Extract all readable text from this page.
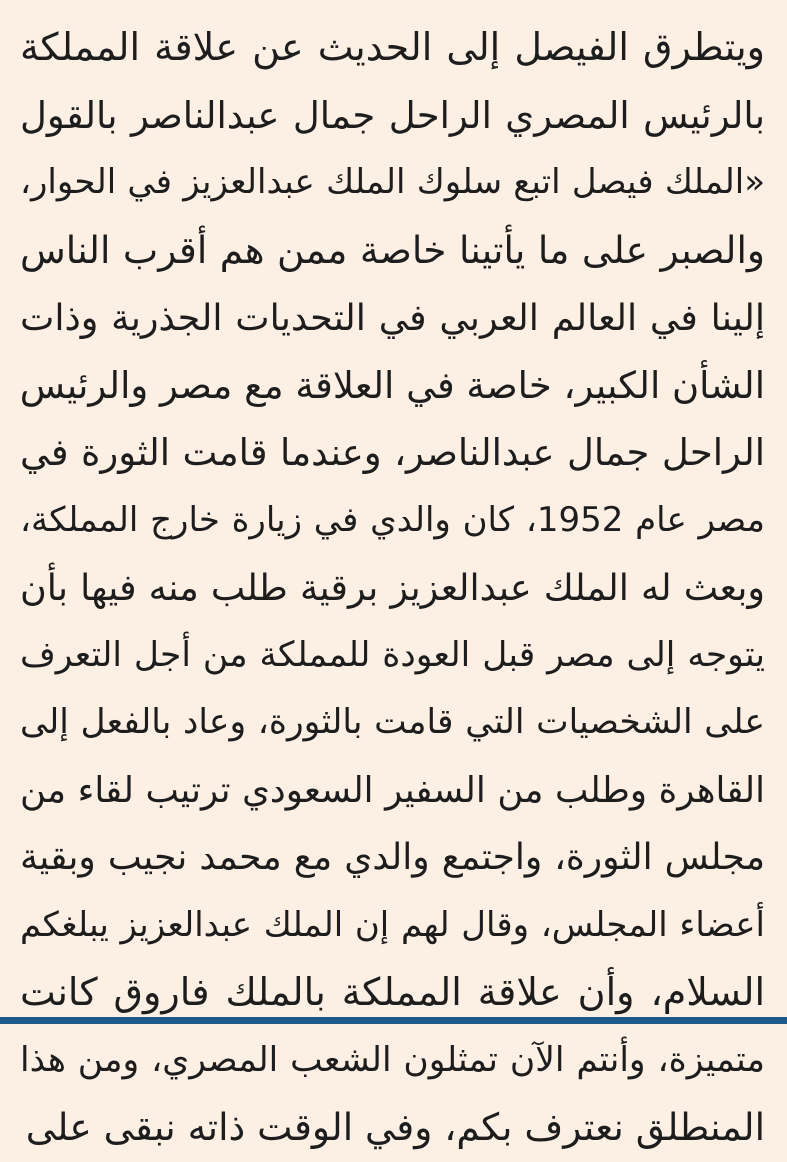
ويتطرق الفيصل إلى الحديث عن علاقة المملكة
بالرئيس المصري الراحل جمال عبدالناصر بالقول
«الملك فيصل اتبع سلوك الملك عبدالعزيز في الحوار،
والصبر على ما يأتينا خاصة ممن هم أقرب الناس
إلينا في العالم العربي في التحديات الجذرية وذات
الشأن الكبير، خاصة في العلاقة مع مصر والرئيس
الراحل جمال عبدالناصر، وعندما قامت الثورة في
مصر عام 1952، كان والدي في زيارة خارج المملكة،
وبعث له الملك عبدالعزيز برقية طلب منه فيها بأن
يتوجه إلى مصر قبل العودة للمملكة من أجل التعرف
على الشخصيات التي قامت بالثورة، وعاد بالفعل إلى
القاهرة وطلب من السفير السعودي ترتيب لقاء من
مجلس الثورة، واجتمع والدي مع محمد نجيب وبقية
أعضاء المجلس، وقال لهم إن الملك عبدالعزيز يبلغكم
السلام، وأن علاقة المملكة بالملك فاروق كانت
متميزة، وأنتم الآن تمثلون الشعب المصري، ومن هذا
المنطلق نعترف بكم، وفي الوقت ذاته نبقى على
